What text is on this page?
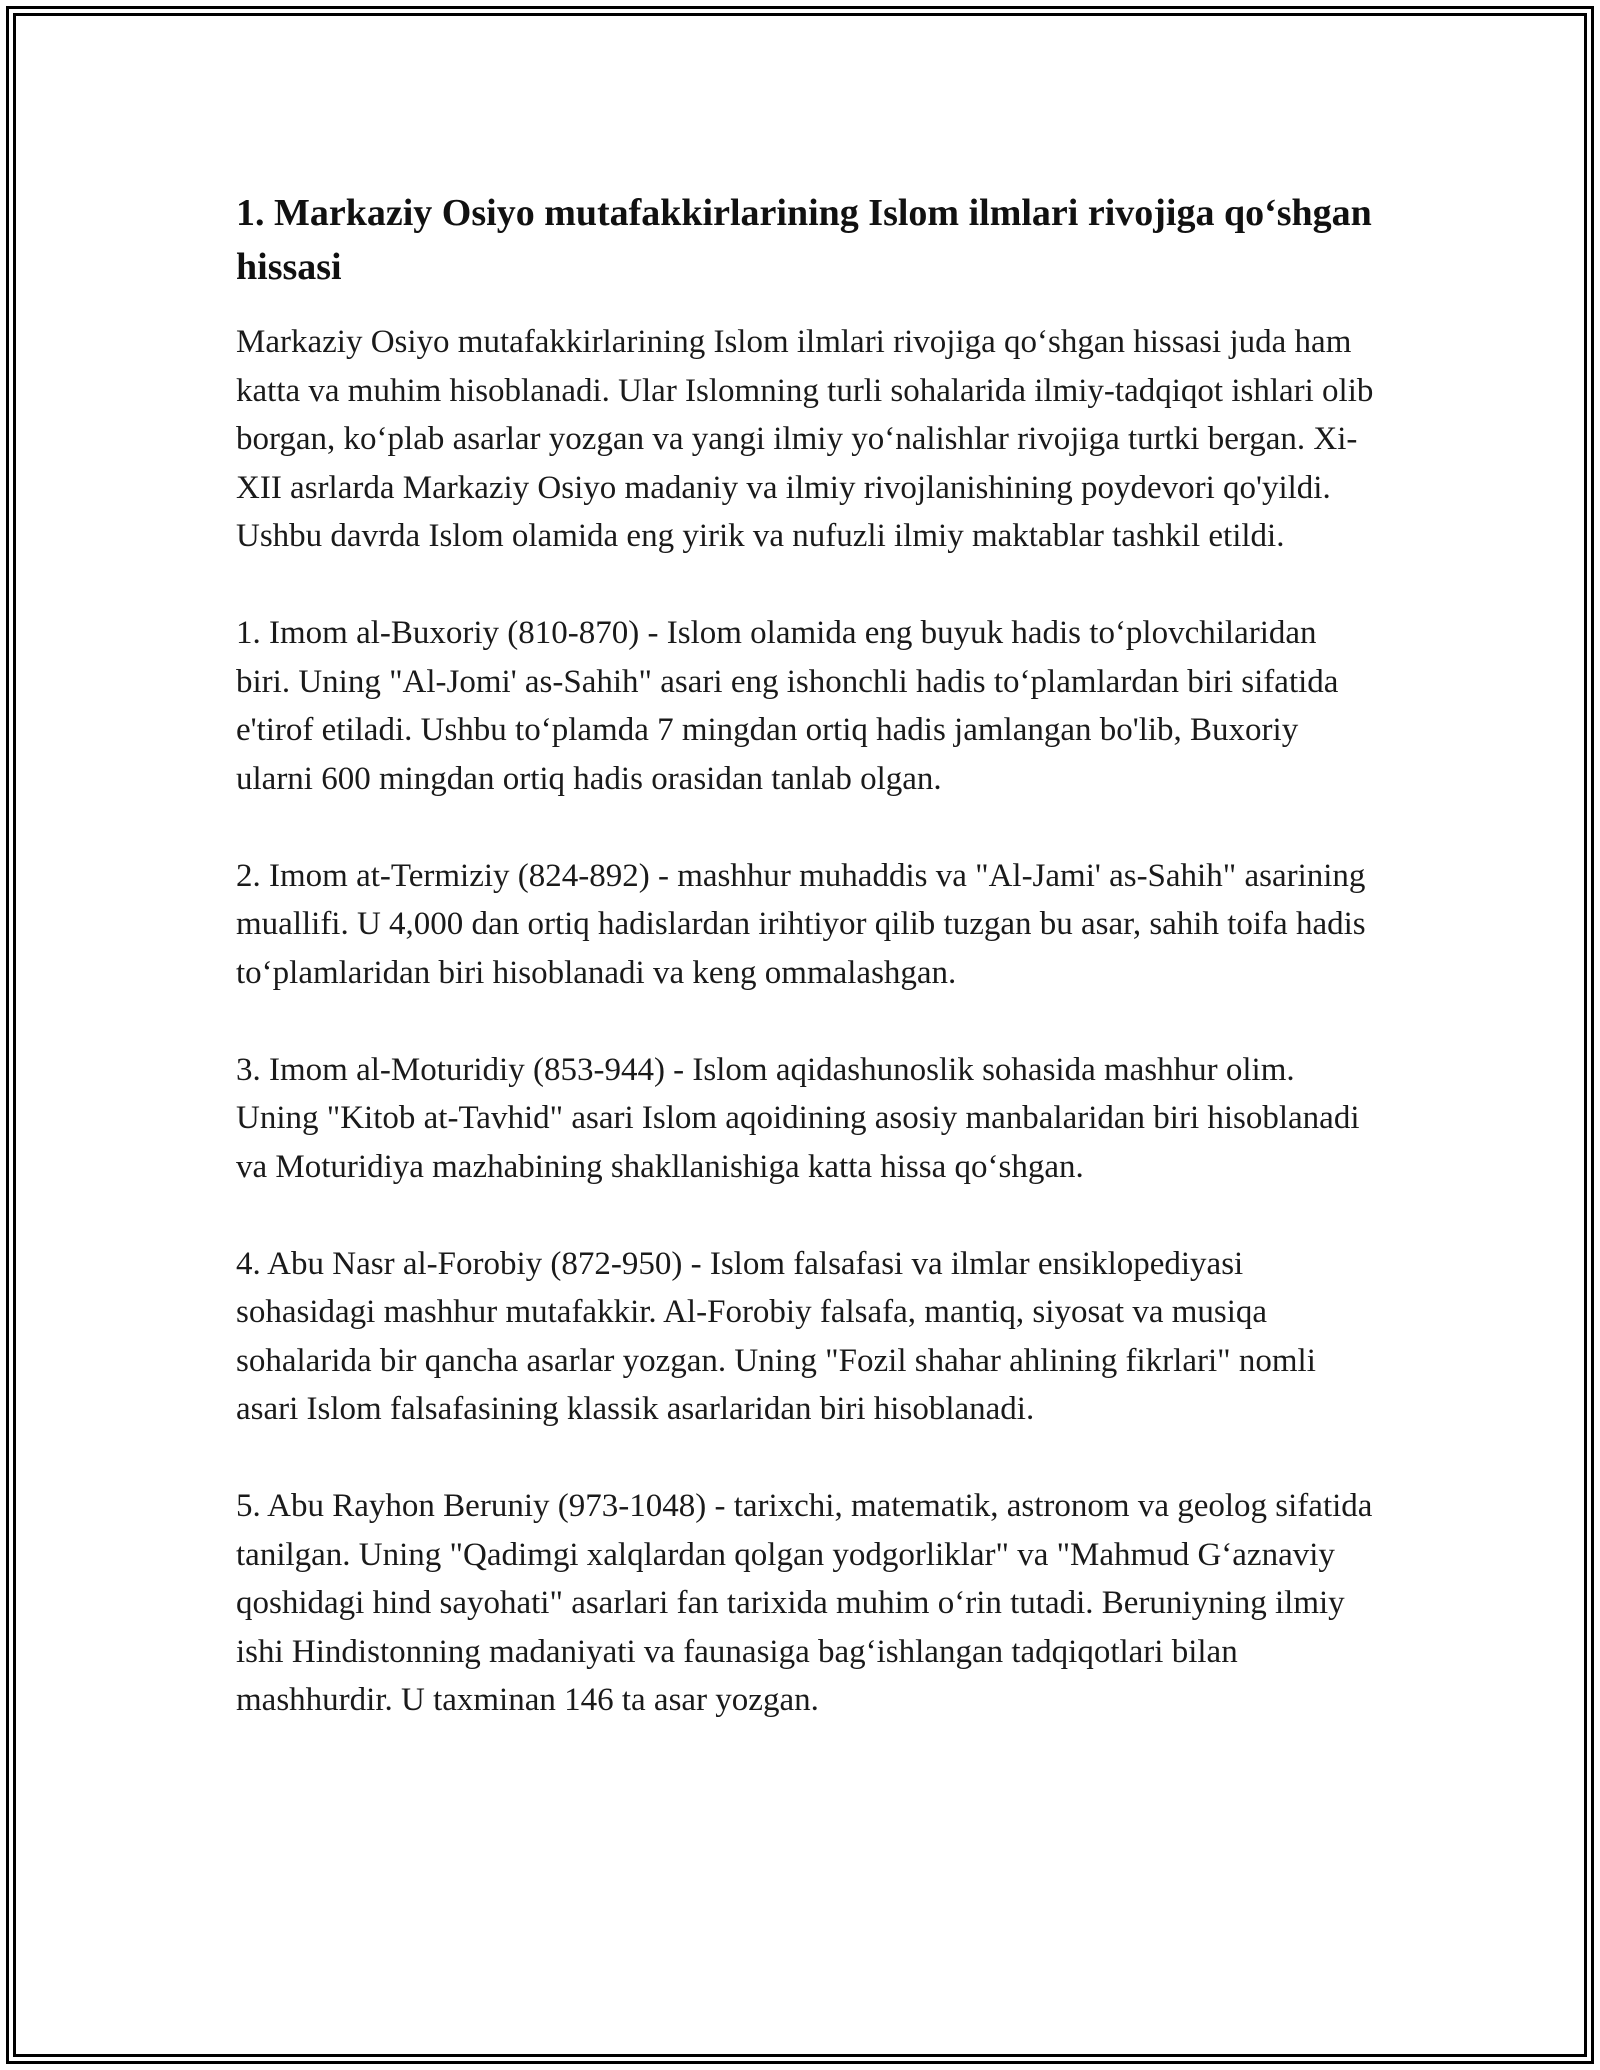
1. Markaziy Osiyo mutafakkirlarining Islom ilmlari rivojiga qo‘shgan hissasi

Markaziy Osiyo mutafakkirlarining Islom ilmlari rivojiga qo‘shgan hissasi juda ham katta va muhim hisoblanadi. Ular Islomning turli sohalarida ilmiy-tadqiqot ishlari olib borgan, ko‘plab asarlar yozgan va yangi ilmiy yo‘nalishlar rivojiga turtki bergan. Xi-XII asrlarda Markaziy Osiyo madaniy va ilmiy rivojlanishining poydevori qo'yildi. Ushbu davrda Islom olamida eng yirik va nufuzli ilmiy maktablar tashkil etildi.

1. Imom al-Buxoriy (810-870) - Islom olamida eng buyuk hadis to‘plovchilaridan biri. Uning "Al-Jomi' as-Sahih" asari eng ishonchli hadis to‘plamlardan biri sifatida e'tirof etiladi. Ushbu to‘plamda 7 mingdan ortiq hadis jamlangan bo'lib, Buxoriy ularni 600 mingdan ortiq hadis orasidan tanlab olgan.

2. Imom at-Termiziy (824-892) - mashhur muhaddis va "Al-Jami' as-Sahih" asarining muallifi. U 4,000 dan ortiq hadislardan irihtiyor qilib tuzgan bu asar, sahih toifa hadis to‘plamlaridan biri hisoblanadi va keng ommalashgan.

3. Imom al-Moturidiy (853-944) - Islom aqidashunoslik sohasida mashhur olim. Uning "Kitob at-Tavhid" asari Islom aqoidining asosiy manbalaridan biri hisoblanadi va Moturidiya mazhabining shakllanishiga katta hissa qo‘shgan.

4. Abu Nasr al-Forobiy (872-950) - Islom falsafasi va ilmlar ensiklopediyasi sohasidagi mashhur mutafakkir. Al-Forobiy falsafa, mantiq, siyosat va musiqa sohalarida bir qancha asarlar yozgan. Uning "Fozil shahar ahlining fikrlari" nomli asari Islom falsafasining klassik asarlaridan biri hisoblanadi.

5. Abu Rayhon Beruniy (973-1048) - tarixchi, matematik, astronom va geolog sifatida tanilgan. Uning "Qadimgi xalqlardan qolgan yodgorliklar" va "Mahmud G‘aznaviy qoshidagi hind sayohati" asarlari fan tarixida muhim o‘rin tutadi. Beruniyning ilmiy ishi Hindistonning madaniyati va faunasiga bag‘ishlangan tadqiqotlari bilan mashhurdir. U taxminan 146 ta asar yozgan.
